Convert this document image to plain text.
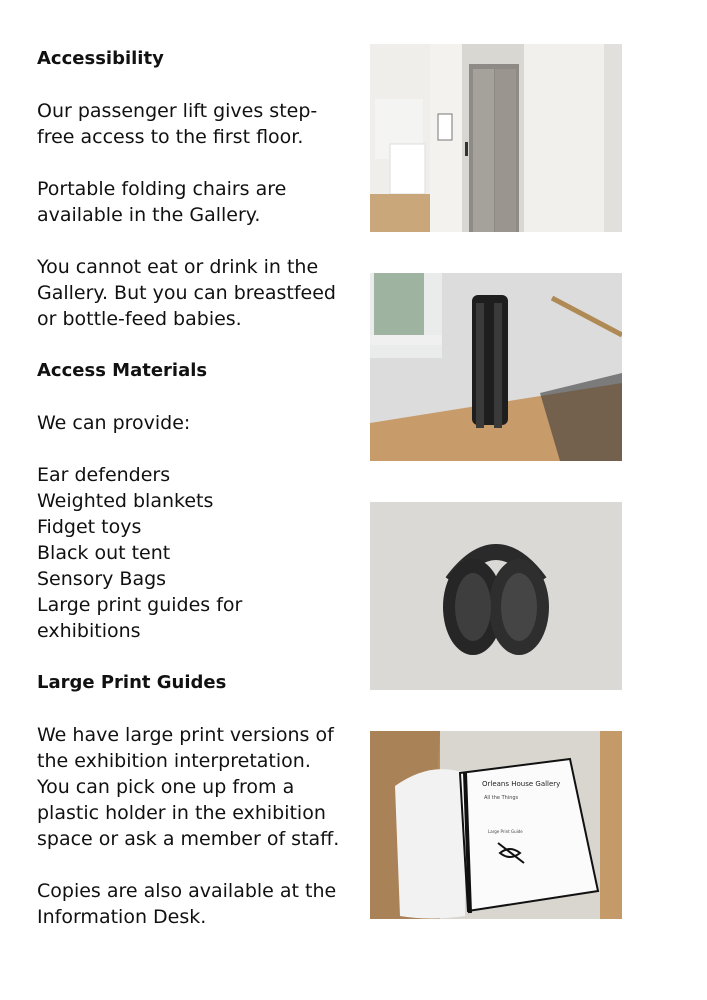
Accessibility

Our passenger lift gives step-

free access to the first floor.

Portable folding chairs are

available in the Gallery.

You cannot eat or drink in the

Gallery. But you can breastfeed

or bottle-feed babies.

Access Materials

We can provide:

Ear defenders

Weighted blankets

Fidget toys

Black out tent

Sensory Bags

Large print guides for

exhibitions

Large Print Guides

We have large print versions of

the exhibition interpretation.

You can pick one up from a

plastic holder in the exhibition

space or ask a member of staff.

Copies are also available at the

Information Desk.

Orleans House Gallery
All the Things
Large Print Guide
